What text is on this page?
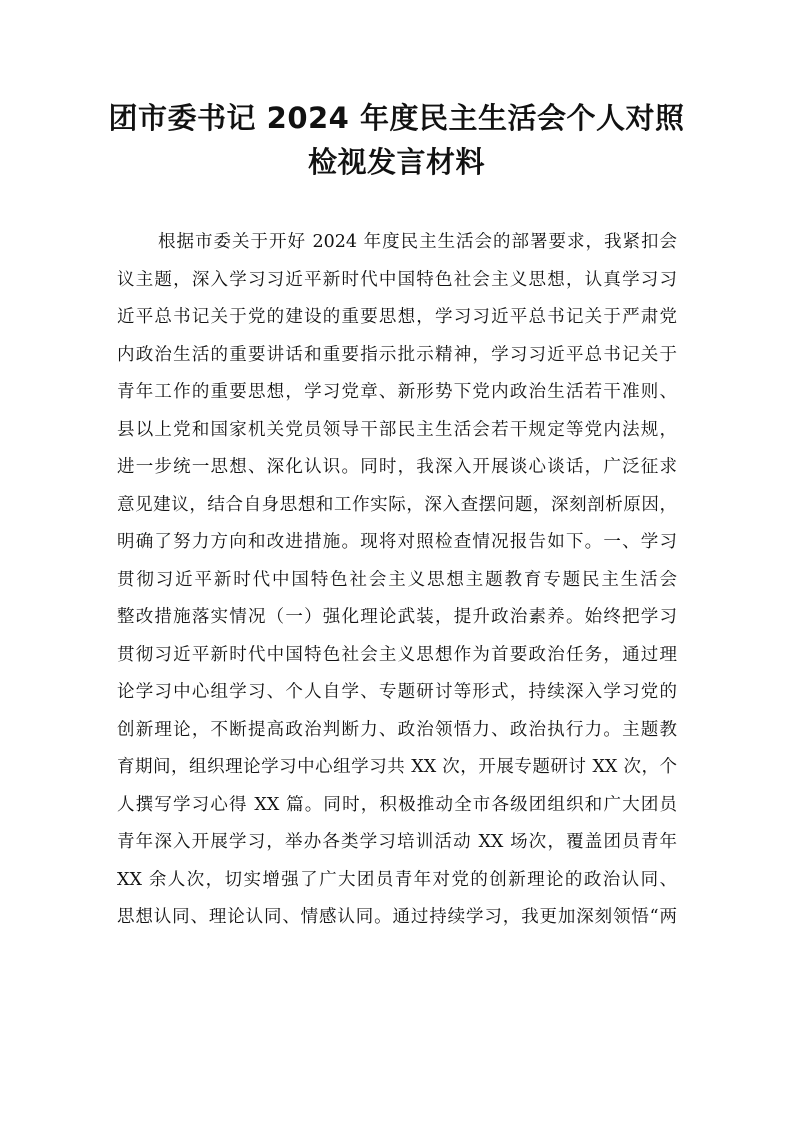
团市委书记 2024 年度民主生活会个人对照
检视发言材料
根据市委关于开好 2024 年度民主生活会的部署要求，我紧扣会
议主题，深入学习习近平新时代中国特色社会主义思想，认真学习习
近平总书记关于党的建设的重要思想，学习习近平总书记关于严肃党
内政治生活的重要讲话和重要指示批示精神，学习习近平总书记关于
青年工作的重要思想，学习党章、新形势下党内政治生活若干准则、
县以上党和国家机关党员领导干部民主生活会若干规定等党内法规，
进一步统一思想、深化认识。同时，我深入开展谈心谈话，广泛征求
意见建议，结合自身思想和工作实际，深入查摆问题，深刻剖析原因，
明确了努力方向和改进措施。现将对照检查情况报告如下。一、学习
贯彻习近平新时代中国特色社会主义思想主题教育专题民主生活会
整改措施落实情况（一）强化理论武装，提升政治素养。始终把学习
贯彻习近平新时代中国特色社会主义思想作为首要政治任务，通过理
论学习中心组学习、个人自学、专题研讨等形式，持续深入学习党的
创新理论，不断提高政治判断力、政治领悟力、政治执行力。主题教
育期间，组织理论学习中心组学习共 XX 次，开展专题研讨 XX 次，个
人撰写学习心得 XX 篇。同时，积极推动全市各级团组织和广大团员
青年深入开展学习，举办各类学习培训活动 XX 场次，覆盖团员青年
XX 余人次，切实增强了广大团员青年对党的创新理论的政治认同、
思想认同、理论认同、情感认同。通过持续学习，我更加深刻领悟“两
